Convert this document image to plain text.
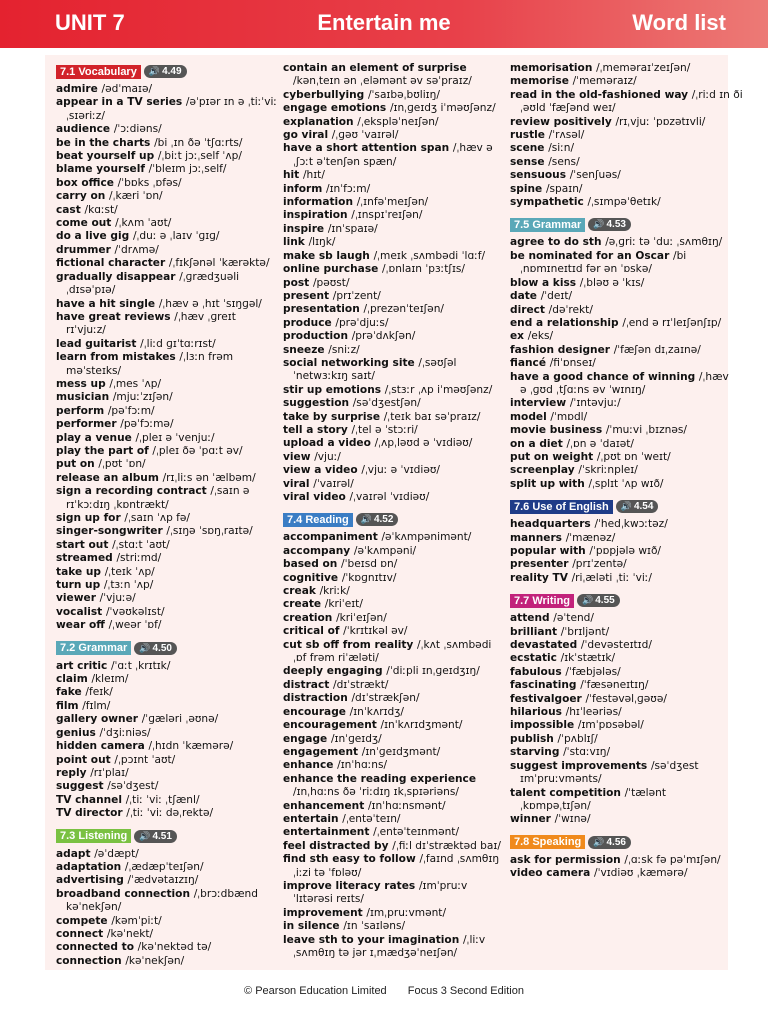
UNIT 7	Entertain me	Word list
7.1 Vocabulary	🔊 4.49
admire /ədˈmaɪə/
appear in a TV series /əˈpɪər ɪn ə ˌtiːˈviː
ˌsɪəriːz/
audience /ˈɔːdiəns/
be in the charts /bi ˌɪn ðə ˈtʃɑːrts/
beat yourself up /ˌbiːt jɔːˌself ˈʌp/
blame yourself /ˈbleɪm jɔːˌself/
box office /ˈbɒks ˌɒfəs/
carry on /ˌkæri ˈɒn/
cast /kɑːst/
come out /ˌkʌm ˈaʊt/
do a live gig /ˌduː ə ˌlaɪv ˈɡɪɡ/
drummer /ˈdrʌmə/
fictional character /ˌfɪkʃənəl ˈkærəktə/
gradually disappear /ˌɡrædʒuəli
ˌdɪsəˈpɪə/
have a hit single /ˌhæv ə ˌhɪt ˈsɪŋɡəl/
have great reviews /ˌhæv ˌɡreɪt
rɪˈvjuːz/
lead guitarist /ˌliːd ɡɪˈtɑːrɪst/
learn from mistakes /ˌlɜːn frəm
məˈsteɪks/
mess up /ˌmes ˈʌp/
musician /mjuːˈzɪʃən/
perform /pəˈfɔːm/
performer /pəˈfɔːmə/
play a venue /ˌpleɪ ə ˈvenjuː/
play the part of /ˌpleɪ ðə ˈpɑːt əv/
put on /ˌpʊt ˈɒn/
release an album /rɪˌliːs ən ˈælbəm/
sign a recording contract /ˌsaɪn ə
rɪˈkɔːdɪŋ ˌkɒntrækt/
sign up for /ˌsaɪn ˈʌp fə/
singer-songwriter /ˌsɪŋə ˈsɒŋˌraɪtə/
start out /ˌstɑːt ˈaʊt/
streamed /striːmd/
take up /ˌteɪk ˈʌp/
turn up /ˌtɜːn ˈʌp/
viewer /ˈvjuːə/
vocalist /ˈvəʊkəlɪst/
wear off /ˌweər ˈɒf/
7.2 Grammar	🔊 4.50
art critic /ˈɑːt ˌkrɪtɪk/
claim /kleɪm/
fake /feɪk/
film /fɪlm/
gallery owner /ˈɡæləri ˌəʊnə/
genius /ˈdʒiːniəs/
hidden camera /ˌhɪdn ˈkæmərə/
point out /ˌpɔɪnt ˈaʊt/
reply /rɪˈplaɪ/
suggest /səˈdʒest/
TV channel /ˌtiː ˈviː ˌtʃænl/
TV director /ˌtiː ˈviː dəˌrektə/
7.3 Listening	🔊 4.51
adapt /əˈdæpt/
adaptation /ˌædæpˈteɪʃən/
advertising /ˈædvətaɪzɪŋ/
broadband connection /ˌbrɔːdbænd
kəˈnekʃən/
compete /kəmˈpiːt/
connect /kəˈnekt/
connected to /kəˈnektəd tə/
connection /kəˈnekʃən/
contain an element of surprise
/kənˌteɪn ən ˌeləmənt əv səˈpraɪz/
cyberbullying /ˈsaɪbəˌbʊliɪŋ/
engage emotions /ɪnˌɡeɪdʒ iˈməʊʃənz/
explanation /ˌekspləˈneɪʃən/
go viral /ˌɡəʊ ˈvaɪrəl/
have a short attention span /ˌhæv ə
ˌʃɔːt əˈtenʃən spæn/
hit /hɪt/
inform /ɪnˈfɔːm/
information /ˌɪnfəˈmeɪʃən/
inspiration /ˌɪnspɪˈreɪʃən/
inspire /ɪnˈspaɪə/
link /lɪŋk/
make sb laugh /ˌmeɪk ˌsʌmbədi ˈlɑːf/
online purchase /ˌɒnlaɪn ˈpɜːtʃɪs/
post /pəʊst/
present /prɪˈzent/
presentation /ˌprezənˈteɪʃən/
produce /prəˈdjuːs/
production /prəˈdʌkʃən/
sneeze /sniːz/
social networking site /ˌsəʊʃəl
ˈnetwɜːkɪŋ saɪt/
stir up emotions /ˌstɜːr ˌʌp iˈməʊʃənz/
suggestion /səˈdʒestʃən/
take by surprise /ˌteɪk baɪ səˈpraɪz/
tell a story /ˌtel ə ˈstɔːri/
upload a video /ˌʌpˌləʊd ə ˈvɪdiəʊ/
view /vjuː/
view a video /ˌvjuː ə ˈvɪdiəʊ/
viral /ˈvaɪrəl/
viral video /ˌvaɪrəl ˈvɪdiəʊ/
7.4 Reading	🔊 4.52
accompaniment /əˈkʌmpənimənt/
accompany /əˈkʌmpəni/
based on /ˈbeɪsd ɒn/
cognitive /ˈkɒɡnɪtɪv/
creak /kriːk/
create /kriˈeɪt/
creation /kriˈeɪʃən/
critical of /ˈkrɪtɪkəl əv/
cut sb off from reality /ˌkʌt ˌsʌmbədi
ˌɒf frəm riˈæləti/
deeply engaging /ˈdiːpli ɪnˌɡeɪdʒɪŋ/
distract /dɪˈstrækt/
distraction /dɪˈstrækʃən/
encourage /ɪnˈkʌrɪdʒ/
encouragement /ɪnˈkʌrɪdʒmənt/
engage /ɪnˈɡeɪdʒ/
engagement /ɪnˈɡeɪdʒmənt/
enhance /ɪnˈhɑːns/
enhance the reading experience
/ɪnˌhɑːns ðə ˈriːdɪŋ ɪkˌspɪəriəns/
enhancement /ɪnˈhɑːnsmənt/
entertain /ˌentəˈteɪn/
entertainment /ˌentəˈteɪnmənt/
feel distracted by /ˌfiːl dɪˈstræktəd baɪ/
find sth easy to follow /ˌfaɪnd ˌsʌmθɪŋ
ˌiːzi tə ˈfɒləʊ/
improve literacy rates /ɪmˈpruːv
ˈlɪtərəsi reɪts/
improvement /ɪmˌpruːvmənt/
in silence /ɪn ˈsaɪləns/
leave sth to your imagination /ˌliːv
ˌsʌmθɪŋ tə jər ɪˌmædʒəˈneɪʃən/
memorisation /ˌmeməraɪˈzeɪʃən/
memorise /ˈmeməraɪz/
read in the old-fashioned way /ˌriːd ɪn ði
ˌəʊld ˈfæʃənd weɪ/
review positively /rɪˌvjuː ˈpɒzətɪvli/
rustle /ˈrʌsəl/
scene /siːn/
sense /sens/
sensuous /ˈsenʃuəs/
spine /spaɪn/
sympathetic /ˌsɪmpəˈθetɪk/
7.5 Grammar	🔊 4.53
agree to do sth /əˌɡriː tə ˈduː ˌsʌmθɪŋ/
be nominated for an Oscar /bi
ˌnɒmɪneɪtɪd fər ən ˈɒskə/
blow a kiss /ˌbləʊ ə ˈkɪs/
date /ˈdeɪt/
direct /dəˈrekt/
end a relationship /ˌend ə rɪˈleɪʃənʃɪp/
ex /eks/
fashion designer /ˈfæʃən dɪˌzaɪnə/
fiancé /fiˈɒnseɪ/
have a good chance of winning /ˌhæv
ə ˌɡʊd ˌtʃɑːns əv ˈwɪnɪŋ/
interview /ˈɪntəvjuː/
model /ˈmɒdl/
movie business /ˈmuːvi ˌbɪznəs/
on a diet /ˌɒn ə ˈdaɪət/
put on weight /ˌpʊt ɒn ˈweɪt/
screenplay /ˈskriːnpleɪ/
split up with /ˌsplɪt ˈʌp wɪð/
7.6 Use of English	🔊 4.54
headquarters /ˈhedˌkwɔːtəz/
manners /ˈmænəz/
popular with /ˈpɒpjələ wɪð/
presenter /prɪˈzentə/
reality TV /riˌæləti ˌtiː ˈviː/
7.7 Writing	🔊 4.55
attend /əˈtend/
brilliant /ˈbrɪljənt/
devastated /ˈdevəsteɪtɪd/
ecstatic /ɪkˈstætɪk/
fabulous /ˈfæbjələs/
fascinating /ˈfæsəneɪtɪŋ/
festivalgoer /ˈfestəvəlˌɡəʊə/
hilarious /hɪˈleəriəs/
impossible /ɪmˈpɒsəbəl/
publish /ˈpʌblɪʃ/
starving /ˈstɑːvɪŋ/
suggest improvements /səˈdʒest
ɪmˈpruːvmənts/
talent competition /ˈtælənt
ˌkɒmpəˌtɪʃən/
winner /ˈwɪnə/
7.8 Speaking	🔊 4.56
ask for permission /ˌɑːsk fə pəˈmɪʃən/
video camera /ˈvɪdiəʊ ˌkæmərə/
© Pearson Education Limited Focus 3 Second Edition
